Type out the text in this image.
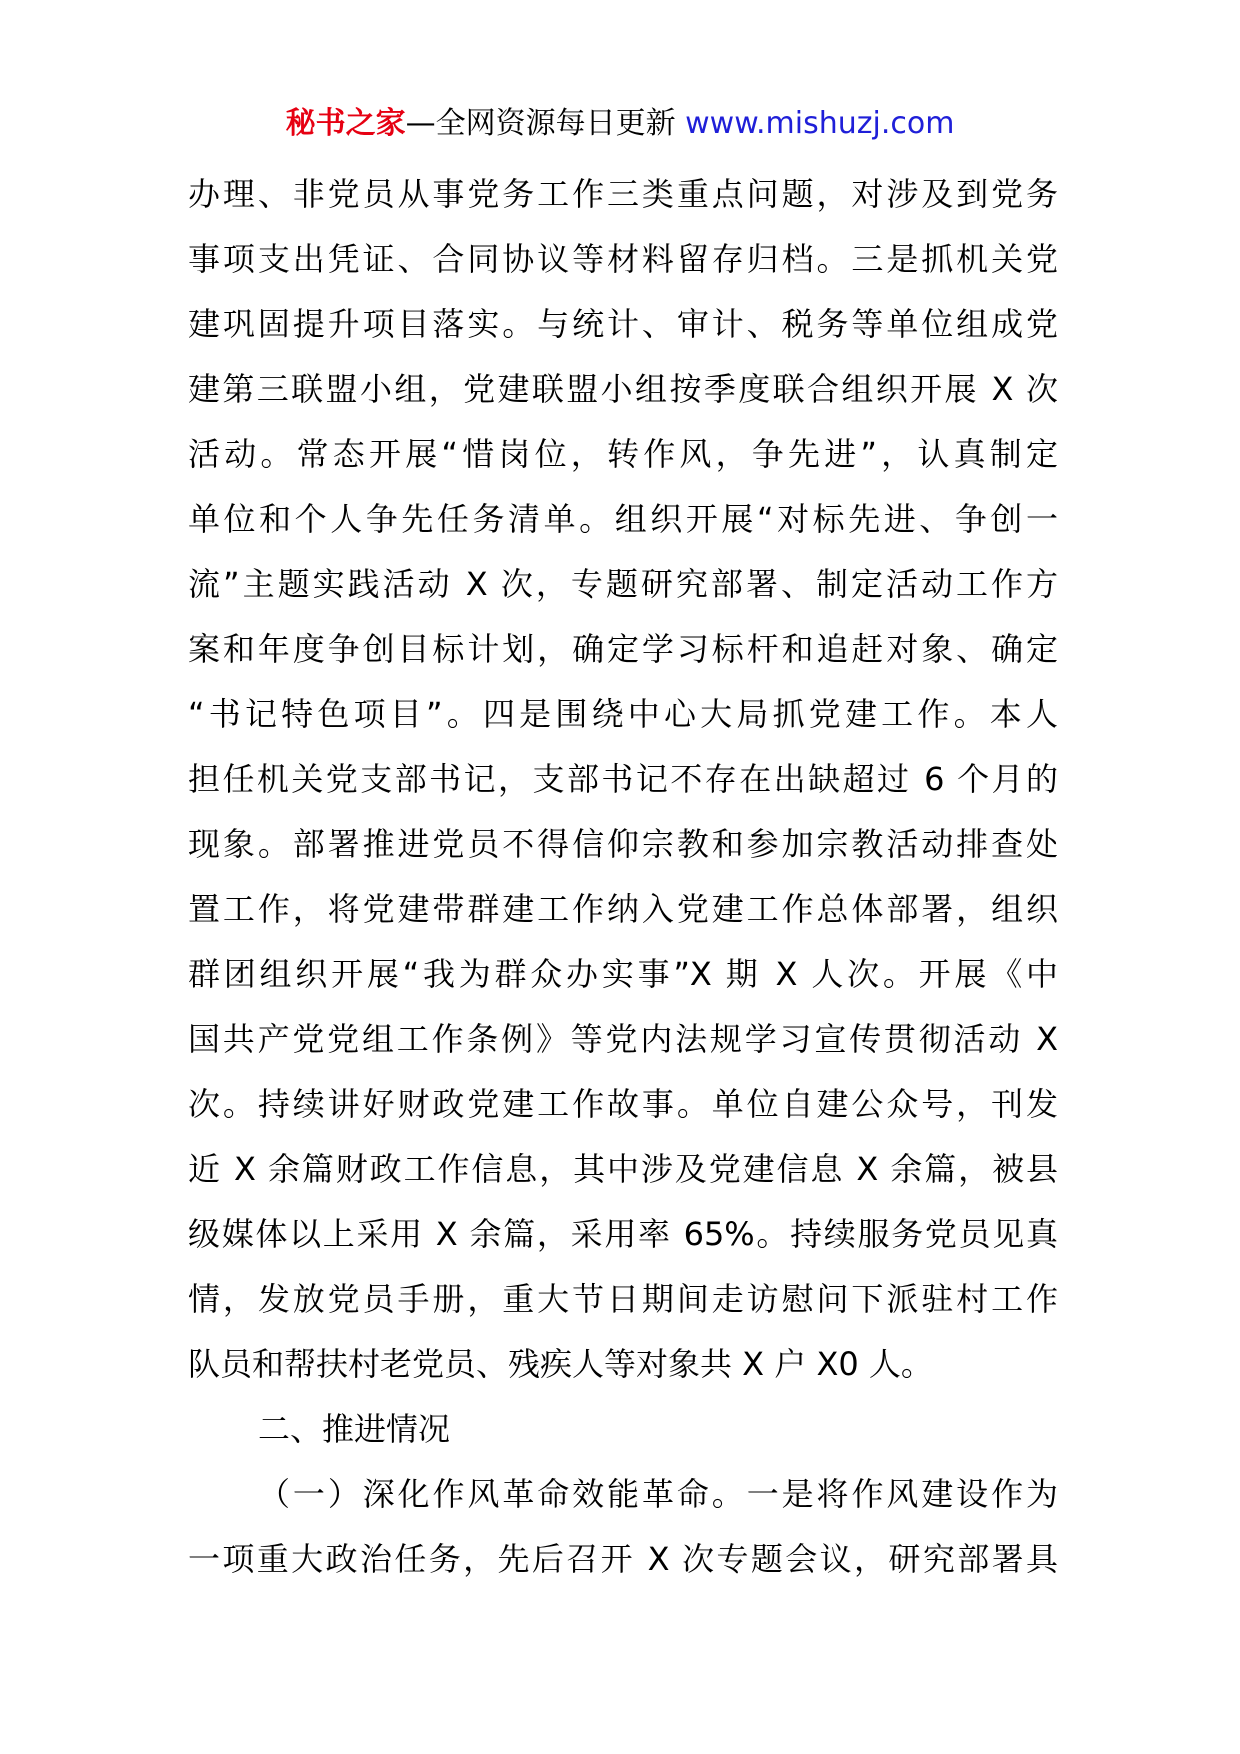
秘书之家—全网资源每日更新 www.mishuzj.com
办理、非党员从事党务工作三类重点问题，对涉及到党务
事项支出凭证、合同协议等材料留存归档。三是抓机关党
建巩固提升项目落实。与统计、审计、税务等单位组成党
建第三联盟小组，党建联盟小组按季度联合组织开展 X 次
活动。常态开展“惜岗位，转作风，争先进”，认真制定
单位和个人争先任务清单。组织开展“对标先进、争创一
流”主题实践活动 X 次，专题研究部署、制定活动工作方
案和年度争创目标计划，确定学习标杆和追赶对象、确定
“书记特色项目”。四是围绕中心大局抓党建工作。本人
担任机关党支部书记，支部书记不存在出缺超过 6 个月的
现象。部署推进党员不得信仰宗教和参加宗教活动排查处
置工作，将党建带群建工作纳入党建工作总体部署，组织
群团组织开展“我为群众办实事”X 期 X 人次。开展《中
国共产党党组工作条例》等党内法规学习宣传贯彻活动 X
次。持续讲好财政党建工作故事。单位自建公众号，刊发
近 X 余篇财政工作信息，其中涉及党建信息 X 余篇，被县
级媒体以上采用 X 余篇，采用率 65%。持续服务党员见真
情，发放党员手册，重大节日期间走访慰问下派驻村工作
队员和帮扶村老党员、残疾人等对象共 X 户 X0 人。
二、推进情况
（一）深化作风革命效能革命。一是将作风建设作为
一项重大政治任务，先后召开 X 次专题会议，研究部署具
